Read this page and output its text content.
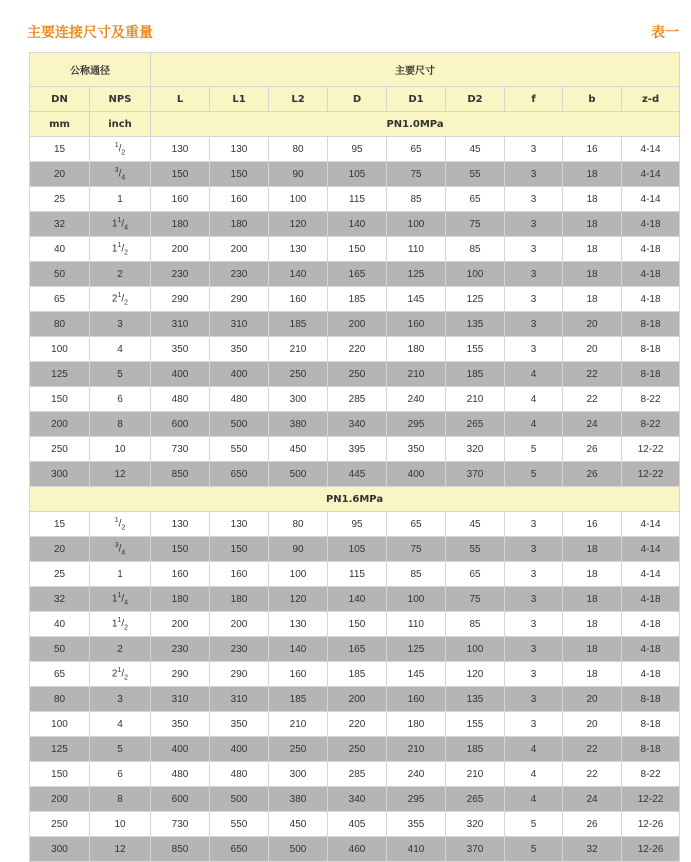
主要连接尺寸及重量	表一
公称通径		主要尺寸								
DN	NPS	L	L1	L2	D	D1	D2	f	b	z-d
mm	inch	PN1.0MPa								
15	$^1/_2$	130	130	80	95	65	45	3	16	4-14
20	$^3/_4$	150	150	90	105	75	55	3	18	4-14
25	1	160	160	100	115	85	65	3	18	4-14
32	$1^1/_4$	180	180	120	140	100	75	3	18	4-18
40	$1^1/_2$	200	200	130	150	110	85	3	18	4-18
50	2	230	230	140	165	125	100	3	18	4-18
65	$2^1/_2$	290	290	160	185	145	125	3	18	4-18
80	3	310	310	185	200	160	135	3	20	8-18
100	4	350	350	210	220	180	155	3	20	8-18
125	5	400	400	250	250	210	185	4	22	8-18
150	6	480	480	300	285	240	210	4	22	8-22
200	8	600	500	380	340	295	265	4	24	8-22
250	10	730	550	450	395	350	320	5	26	12-22
300	12	850	650	500	445	400	370	5	26	12-22
PN1.6MPa										
15	$^1/_2$	130	130	80	95	65	45	3	16	4-14
20	$^3/_4$	150	150	90	105	75	55	3	18	4-14
25	1	160	160	100	115	85	65	3	18	4-14
32	$1^1/_4$	180	180	120	140	100	75	3	18	4-18
40	$1^1/_2$	200	200	130	150	110	85	3	18	4-18
50	2	230	230	140	165	125	100	3	18	4-18
65	$2^1/_2$	290	290	160	185	145	120	3	18	4-18
80	3	310	310	185	200	160	135	3	20	8-18
100	4	350	350	210	220	180	155	3	20	8-18
125	5	400	400	250	250	210	185	4	22	8-18
150	6	480	480	300	285	240	210	4	22	8-22
200	8	600	500	380	340	295	265	4	24	12-22
250	10	730	550	450	405	355	320	5	26	12-26
300	12	850	650	500	460	410	370	5	32	12-26
